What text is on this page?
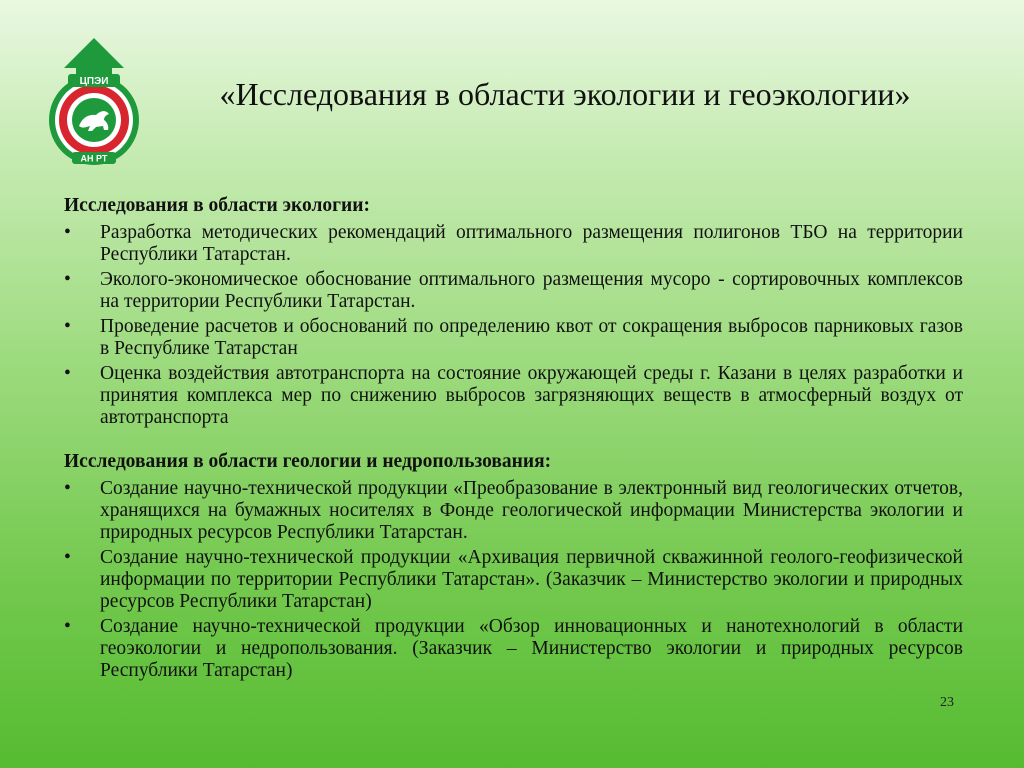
ЦПЭИ
АН РТ
«Исследования в области экологии и геоэкологии»
Исследования в области экологии:
• Разработка методических рекомендаций оптимального размещения полигонов ТБО на территории Республики Татарстан.
• Эколого-экономическое обоснование оптимального размещения мусоро - сортировочных комплексов на территории Республики Татарстан.
• Проведение расчетов и обоснований по определению квот от сокращения выбросов парниковых газов в Республике Татарстан
• Оценка воздействия автотранспорта на состояние окружающей среды г. Казани в целях разработки и принятия комплекса мер по снижению выбросов загрязняющих веществ в атмосферный воздух от автотранспорта
Исследования в области геологии и недропользования:
• Создание научно-технической продукции «Преобразование в электронный вид геологических отчетов, хранящихся на бумажных носителях в Фонде геологической информации Министерства экологии и природных ресурсов Республики Татарстан.
• Создание научно-технической продукции «Архивация первичной скважинной геолого-геофизической информации по территории Республики Татарстан». (Заказчик – Министерство экологии и природных ресурсов Республики Татарстан)
• Создание научно-технической продукции «Обзор инновационных и нанотехнологий в области геоэкологии и недропользования. (Заказчик – Министерство экологии и природных ресурсов Республики Татарстан)
23
